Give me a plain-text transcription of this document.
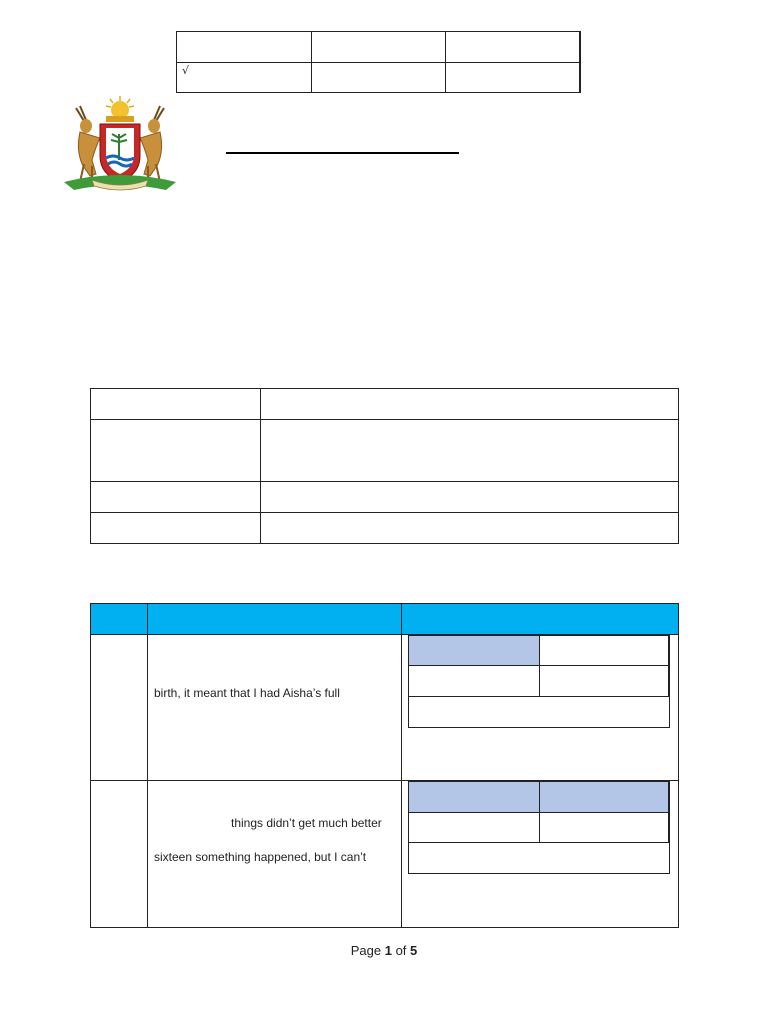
√
birth, it meant that I had Aisha’s full
things didn’t get much better
sixteen something happened, but I can’t
Page 1 of 5
